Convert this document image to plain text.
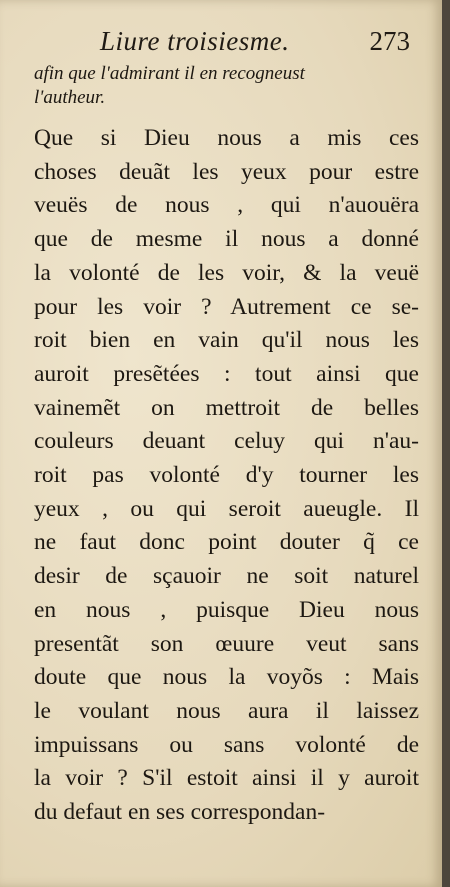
Liure troisiesme.	273
afin que l'admirant il en recogneust
l'autheur.
Que si Dieu nous a mis ces
choses deuãt les yeux pour estre
veuës de nous , qui n'auouëra
que de mesme il nous a donné
la volonté de les voir, & la veuë
pour les voir ? Autrement ce se-
roit bien en vain qu'il nous les
auroit presẽtées : tout ainsi que
vainemẽt on mettroit de belles
couleurs deuant celuy qui n'au-
roit pas volonté d'y tourner les
yeux , ou qui seroit aueugle. Il
ne faut donc point douter q̃ ce
desir de sçauoir ne soit naturel
en nous , puisque Dieu nous
presentãt son œuure veut sans
doute que nous la voyõs : Mais
le voulant nous aura il laissez
impuissans ou sans volonté de
la voir ? S'il estoit ainsi il y auroit
du defaut en ses correspondan-
